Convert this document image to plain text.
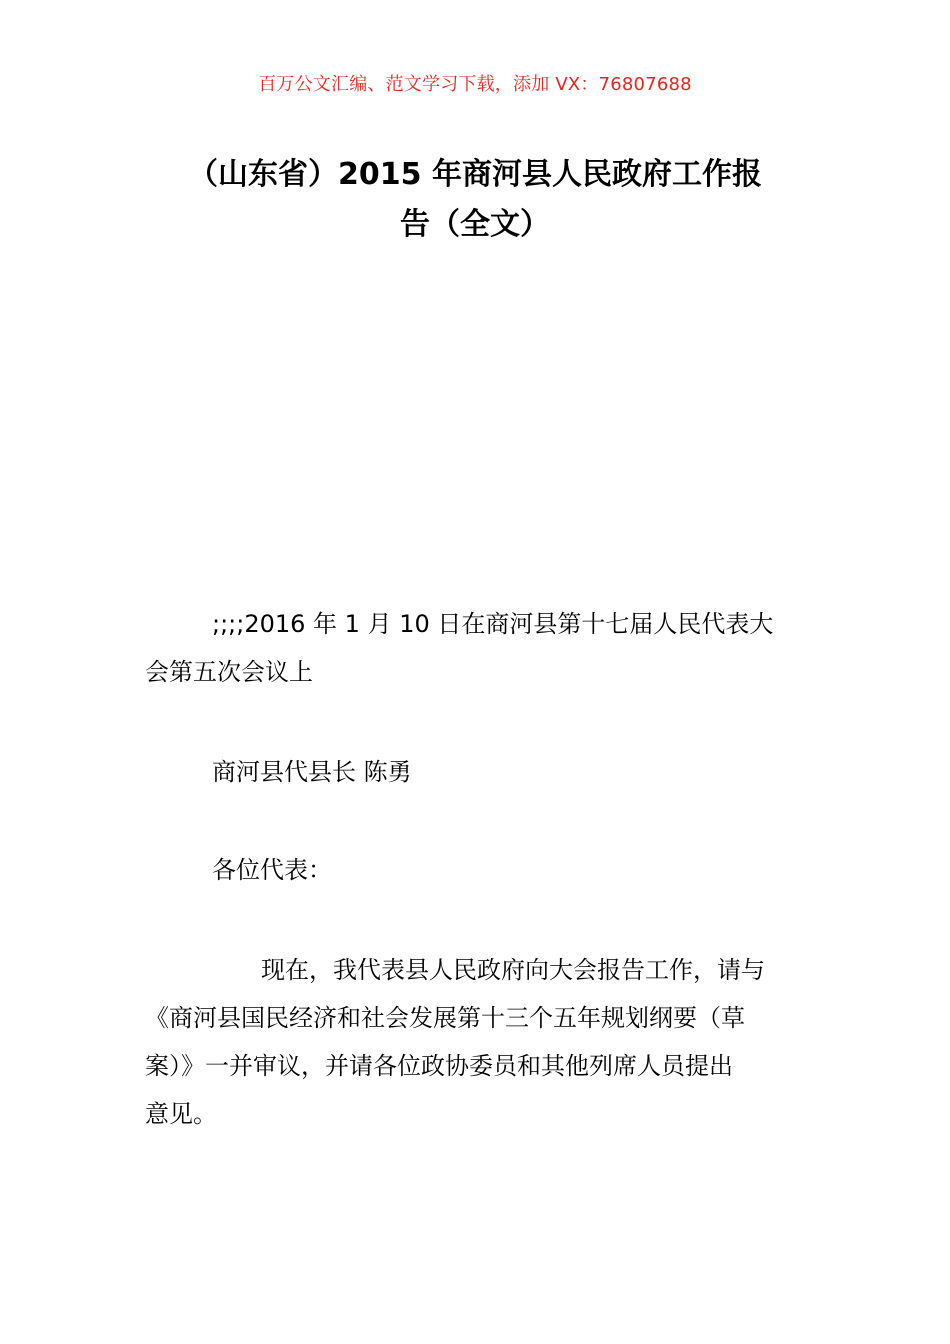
百万公文汇编、范文学习下载，添加 VX：76807688
（山东省）2015 年商河县人民政府工作报
告（全文）
;;;;2016 年 1 月 10 日在商河县第十七届人民代表大
会第五次会议上
商河县代县长 陈勇
各位代表：
现在，我代表县人民政府向大会报告工作，请与
《商河县国民经济和社会发展第十三个五年规划纲要（草
案）》一并审议，并请各位政协委员和其他列席人员提出
意见。
